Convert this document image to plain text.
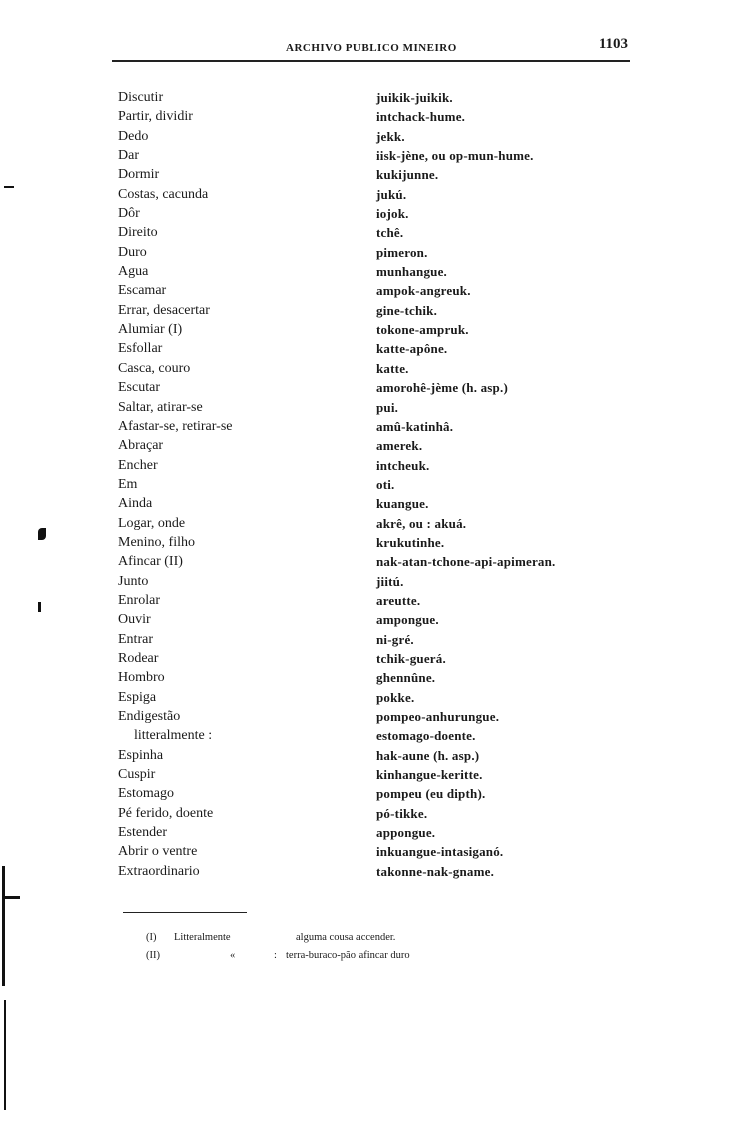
ARCHIVO PUBLICO MINEIRO	1103
Discutir	juikik-juikik.
Partir, dividir	intchack-hume.
Dedo	jekk.
Dar	iisk-jène, ou op-mun-hume.
Dormir	kukijunne.
Costas, cacunda	jukú.
Dôr	iojok.
Direito	tchê.
Duro	pimeron.
Agua	munhangue.
Escamar	ampok-angreuk.
Errar, desacertar	gine-tchik.
Alumiar (I)	tokone-ampruk.
Esfollar	katte-apône.
Casca, couro	katte.
Escutar	amorohê-jème (h. asp.)
Saltar, atirar-se	pui.
Afastar-se, retirar-se	amû-katinhâ.
Abraçar	amerek.
Encher	intcheuk.
Em	oti.
Ainda	kuangue.
Logar, onde	akrê, ou : akuá.
Menino, filho	krukutinhe.
Afincar (II)	nak-atan-tchone-api-apimeran.
Junto	jiitú.
Enrolar	areutte.
Ouvir	ampongue.
Entrar	ni-gré.
Rodear	tchik-guerá.
Hombro	ghennûne.
Espiga	pokke.
Endigestão	pompeo-anhurungue.
litteralmente :	estomago-doente.
Espinha	hak-aune (h. asp.)
Cuspir	kinhangue-keritte.
Estomago	pompeu (eu dipth).
Pé ferido, doente	pó-tikke.
Estender	appongue.
Abrir o ventre	inkuangue-intasiganó.
Extraordinario	takonne-nak-gname.
(I) Litteralmente	alguma cousa accender.
(II)	«	: terra-buraco-pão afincar duro
